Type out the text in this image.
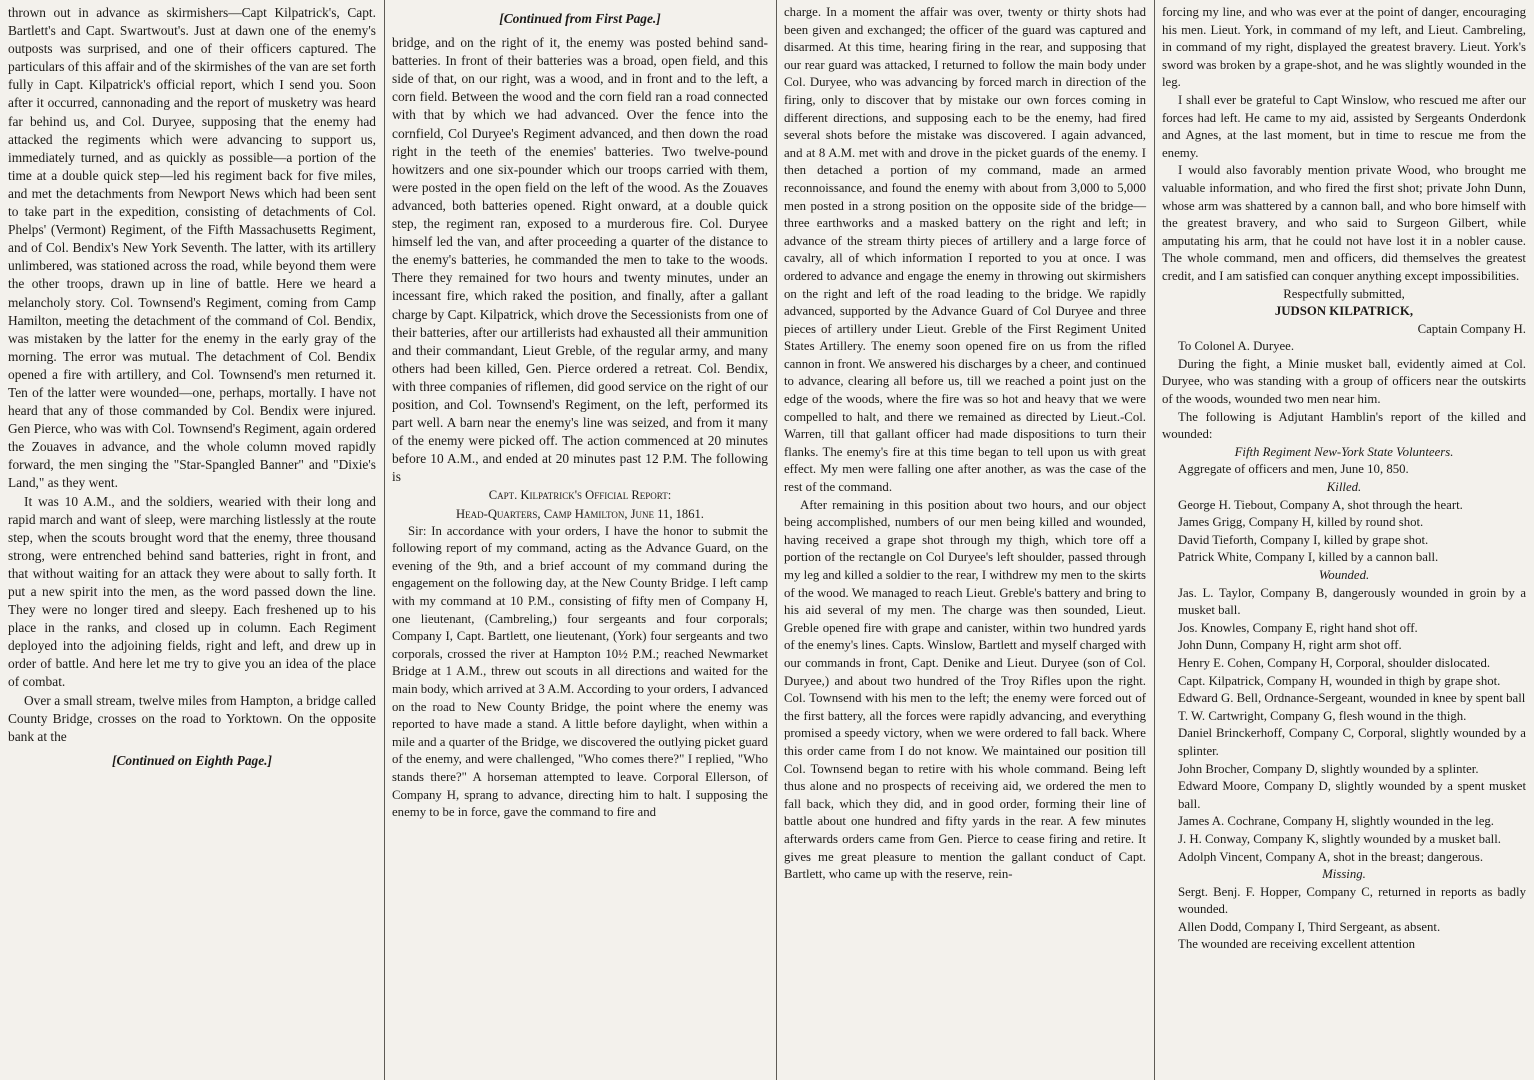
thrown out in advance as skirmishers—Capt Kilpatrick's, Capt. Bartlett's and Capt. Swartwout's. Just at dawn one of the enemy's outposts was surprised, and one of their officers captured. The particulars of this affair and of the skirmishes of the van are set forth fully in Capt. Kilpatrick's official report, which I send you. Soon after it occurred, cannonading and the report of musketry was heard far behind us, and Col. Duryee, supposing that the enemy had attacked the regiments which were advancing to support us, immediately turned, and as quickly as possible—a portion of the time at a double quick step—led his regiment back for five miles, and met the detachments from Newport News which had been sent to take part in the expedition, consisting of detachments of Col. Phelps' (Vermont) Regiment, of the Fifth Massachusetts Regiment, and of Col. Bendix's New York Seventh. The latter, with its artillery unlimbered, was stationed across the road, while beyond them were the other troops, drawn up in line of battle. Here we heard a melancholy story. Col. Townsend's Regiment, coming from Camp Hamilton, meeting the detachment of the command of Col. Bendix, was mistaken by the latter for the enemy in the early gray of the morning. The error was mutual. The detachment of Col. Bendix opened a fire with artillery, and Col. Townsend's men returned it. Ten of the latter were wounded—one, perhaps, mortally. I have not heard that any of those commanded by Col. Bendix were injured. Gen Pierce, who was with Col. Townsend's Regiment, again ordered the Zouaves in advance, and the whole column moved rapidly forward, the men singing the "Star-Spangled Banner" and "Dixie's Land," as they went.

It was 10 A.M., and the soldiers, wearied with their long and rapid march and want of sleep, were marching listlessly at the route step, when the scouts brought word that the enemy, three thousand strong, were entrenched behind sand batteries, right in front, and that without waiting for an attack they were about to sally forth. It put a new spirit into the men, as the word passed down the line. They were no longer tired and sleepy. Each freshened up to his place in the ranks, and closed up in column. Each Regiment deployed into the adjoining fields, right and left, and drew up in order of battle. And here let me try to give you an idea of the place of combat.

Over a small stream, twelve miles from Hampton, a bridge called County Bridge, crosses on the road to Yorktown. On the opposite bank at the

[Continued on Eighth Page.]

[Continued from First Page.]

bridge, and on the right of it, the enemy was posted behind sand-batteries. In front of their batteries was a broad, open field, and this side of that, on our right, was a wood, and in front and to the left, a corn field. Between the wood and the corn field ran a road connected with that by which we had advanced. Over the fence into the cornfield, Col Duryee's Regiment advanced, and then down the road right in the teeth of the enemies' batteries. Two twelve-pound howitzers and one six-pounder which our troops carried with them, were posted in the open field on the left of the wood. As the Zouaves advanced, both batteries opened. Right onward, at a double quick step, the regiment ran, exposed to a murderous fire. Col. Duryee himself led the van, and after proceeding a quarter of the distance to the enemy's batteries, he commanded the men to take to the woods. There they remained for two hours and twenty minutes, under an incessant fire, which raked the position, and finally, after a gallant charge by Capt. Kilpatrick, which drove the Secessionists from one of their batteries, after our artillerists had exhausted all their ammunition and their commandant, Lieut Greble, of the regular army, and many others had been killed, Gen. Pierce ordered a retreat. Col. Bendix, with three companies of riflemen, did good service on the right of our position, and Col. Townsend's Regiment, on the left, performed its part well. A barn near the enemy's line was seized, and from it many of the enemy were picked off. The action commenced at 20 minutes before 10 A.M., and ended at 20 minutes past 12 P.M. The following is

Capt. Kilpatrick's Official Report:

Head-Quarters, Camp Hamilton, June 11, 1861.

Sir: In accordance with your orders, I have the honor to submit the following report of my command, acting as the Advance Guard, on the evening of the 9th, and a brief account of my command during the engagement on the following day, at the New County Bridge. I left camp with my command at 10 P.M., consisting of fifty men of Company H, one lieutenant, (Cambreling,) four sergeants and four corporals; Company I, Capt. Bartlett, one lieutenant, (York) four sergeants and two corporals, crossed the river at Hampton 10½ P.M.; reached Newmarket Bridge at 1 A.M., threw out scouts in all directions and waited for the main body, which arrived at 3 A.M. According to your orders, I advanced on the road to New County Bridge, the point where the enemy was reported to have made a stand. A little before daylight, when within a mile and a quarter of the Bridge, we discovered the outlying picket guard of the enemy, and were challenged, "Who comes there?" I replied, "Who stands there?" A horseman attempted to leave. Corporal Ellerson, of Company H, sprang to advance, directing him to halt. I supposing the enemy to be in force, gave the command to fire and

charge. In a moment the affair was over, twenty or thirty shots had been given and exchanged; the officer of the guard was captured and disarmed. At this time, hearing firing in the rear, and supposing that our rear guard was attacked, I returned to follow the main body under Col. Duryee, who was advancing by forced march in direction of the firing, only to discover that by mistake our own forces coming in different directions, and supposing each to be the enemy, had fired several shots before the mistake was discovered. I again advanced, and at 8 A.M. met with and drove in the picket guards of the enemy. I then detached a portion of my command, made an armed reconnoissance, and found the enemy with about from 3,000 to 5,000 men posted in a strong position on the opposite side of the bridge—three earthworks and a masked battery on the right and left; in advance of the stream thirty pieces of artillery and a large force of cavalry, all of which information I reported to you at once. I was ordered to advance and engage the enemy in throwing out skirmishers on the right and left of the road leading to the bridge. We rapidly advanced, supported by the Advance Guard of Col Duryee and three pieces of artillery under Lieut. Greble of the First Regiment United States Artillery. The enemy soon opened fire on us from the rifled cannon in front. We answered his discharges by a cheer, and continued to advance, clearing all before us, till we reached a point just on the edge of the woods, where the fire was so hot and heavy that we were compelled to halt, and there we remained as directed by Lieut.-Col. Warren, till that gallant officer had made dispositions to turn their flanks. The enemy's fire at this time began to tell upon us with great effect. My men were falling one after another, as was the case of the rest of the command.

After remaining in this position about two hours, and our object being accomplished, numbers of our men being killed and wounded, having received a grape shot through my thigh, which tore off a portion of the rectangle on Col Duryee's left shoulder, passed through my leg and killed a soldier to the rear, I withdrew my men to the skirts of the wood. We managed to reach Lieut. Greble's battery and bring to his aid several of my men. The charge was then sounded, Lieut. Greble opened fire with grape and canister, within two hundred yards of the enemy's lines. Capts. Winslow, Bartlett and myself charged with our commands in front, Capt. Denike and Lieut. Duryee (son of Col. Duryee,) and about two hundred of the Troy Rifles upon the right. Col. Townsend with his men to the left; the enemy were forced out of the first battery, all the forces were rapidly advancing, and everything promised a speedy victory, when we were ordered to fall back. Where this order came from I do not know. We maintained our position till Col. Townsend began to retire with his whole command. Being left thus alone and no prospects of receiving aid, we ordered the men to fall back, which they did, and in good order, forming their line of battle about one hundred and fifty yards in the rear. A few minutes afterwards orders came from Gen. Pierce to cease firing and retire. It gives me great pleasure to mention the gallant conduct of Capt. Bartlett, who came up with the reserve, rein-

forcing my line, and who was ever at the point of danger, encouraging his men. Lieut. York, in command of my left, and Lieut. Cambreling, in command of my right, displayed the greatest bravery. Lieut. York's sword was broken by a grape-shot, and he was slightly wounded in the leg.

I shall ever be grateful to Capt Winslow, who rescued me after our forces had left. He came to my aid, assisted by Sergeants Onderdonk and Agnes, at the last moment, but in time to rescue me from the enemy.

I would also favorably mention private Wood, who brought me valuable information, and who fired the first shot; private John Dunn, whose arm was shattered by a cannon ball, and who bore himself with the greatest bravery, and who said to Surgeon Gilbert, while amputating his arm, that he could not have lost it in a nobler cause. The whole command, men and officers, did themselves the greatest credit, and I am satisfied can conquer anything except impossibilities.

Respectfully submitted,

JUDSON KILPATRICK,

Captain Company H.

To Colonel A. Duryee.

During the fight, a Minie musket ball, evidently aimed at Col. Duryee, who was standing with a group of officers near the outskirts of the woods, wounded two men near him.

The following is Adjutant Hamblin's report of the killed and wounded:

Fifth Regiment New-York State Volunteers.

Aggregate of officers and men, June 10, 850.

Killed.

George H. Tiebout, Company A, shot through the heart.

James Grigg, Company H, killed by round shot.

David Tieforth, Company I, killed by grape shot.

Patrick White, Company I, killed by a cannon ball.

Wounded.

Jas. L. Taylor, Company B, dangerously wounded in groin by a musket ball.

Jos. Knowles, Company E, right hand shot off.

John Dunn, Company H, right arm shot off.

Henry E. Cohen, Company H, Corporal, shoulder dislocated.

Capt. Kilpatrick, Company H, wounded in thigh by grape shot.

Edward G. Bell, Ordnance-Sergeant, wounded in knee by spent ball

T. W. Cartwright, Company G, flesh wound in the thigh.

Daniel Brinckerhoff, Company C, Corporal, slightly wounded by a splinter.

John Brocher, Company D, slightly wounded by a splinter.

Edward Moore, Company D, slightly wounded by a spent musket ball.

James A. Cochrane, Company H, slightly wounded in the leg.

J. H. Conway, Company K, slightly wounded by a musket ball.

Adolph Vincent, Company A, shot in the breast; dangerous.

Missing.

Sergt. Benj. F. Hopper, Company C, returned in reports as badly wounded.

Allen Dodd, Company I, Third Sergeant, as absent.

The wounded are receiving excellent attention
